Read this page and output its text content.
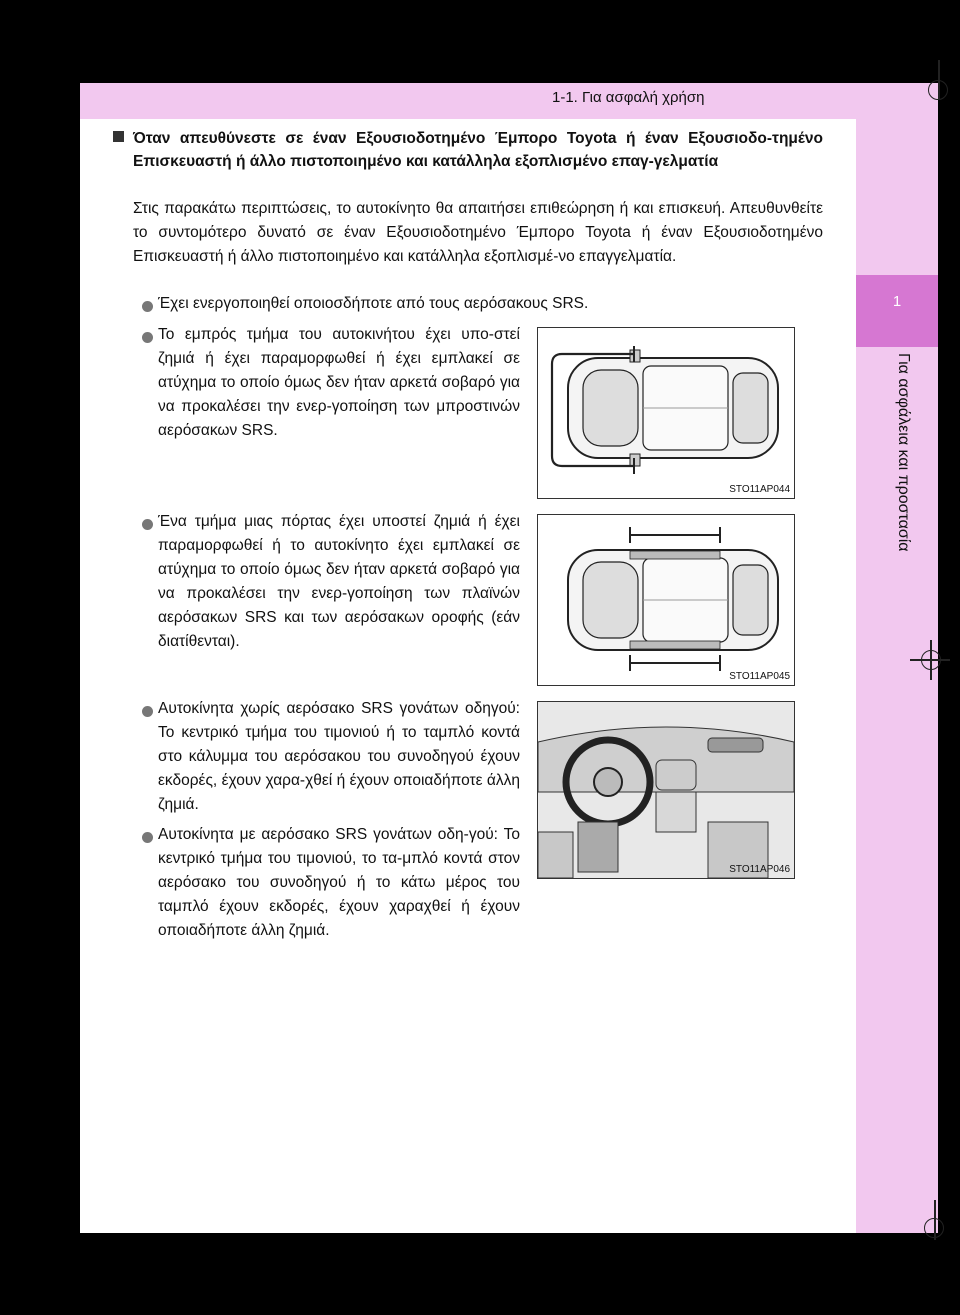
1-1. Για ασφαλή χρήση
1
Για ασφάλεια και προστασία
Όταν απευθύνεστε σε έναν Εξουσιοδοτημένο Έμπορο Toyota ή έναν Εξουσιοδο-τημένο Επισκευαστή ή άλλο πιστοποιημένο και κατάλληλα εξοπλισμένο επαγ-γελματία
Στις παρακάτω περιπτώσεις, το αυτοκίνητο θα απαιτήσει επιθεώρηση ή και επισκευή. Απευθυνθείτε το συντομότερο δυνατό σε έναν Εξουσιοδοτημένο Έμπορο Toyota ή έναν Εξουσιοδοτημένο Επισκευαστή ή άλλο πιστοποιημένο και κατάλληλα εξοπλισμέ-νο επαγγελματία.
Έχει ενεργοποιηθεί οποιοσδήποτε από τους αερόσακους SRS.
Το εμπρός τμήμα του αυτοκινήτου έχει υπο-στεί ζημιά ή έχει παραμορφωθεί ή έχει εμπλακεί σε ατύχημα το οποίο όμως δεν ήταν αρκετά σοβαρό για να προκαλέσει την ενερ-γοποίηση των μπροστινών αερόσακων SRS.
STO11AP044
Ένα τμήμα μιας πόρτας έχει υποστεί ζημιά ή έχει παραμορφωθεί ή το αυτοκίνητο έχει εμπλακεί σε ατύχημα το οποίο όμως δεν ήταν αρκετά σοβαρό για να προκαλέσει την ενερ-γοποίηση των πλαϊνών αερόσακων SRS και των αερόσακων οροφής (εάν διατίθενται).
STO11AP045
Αυτοκίνητα χωρίς αερόσακο SRS γονάτων οδηγού: Το κεντρικό τμήμα του τιμονιού ή το ταμπλό κοντά στο κάλυμμα του αερόσακου του συνοδηγού έχουν εκδορές, έχουν χαρα-χθεί ή έχουν οποιαδήποτε άλλη ζημιά.
Αυτοκίνητα με αερόσακο SRS γονάτων οδη-γού: Το κεντρικό τμήμα του τιμονιού, το τα-μπλό κοντά στον αερόσακο του συνοδηγού ή το κάτω μέρος του ταμπλό έχουν εκδορές, έχουν χαραχθεί ή έχουν οποιαδήποτε άλλη ζημιά.
STO11AP046
